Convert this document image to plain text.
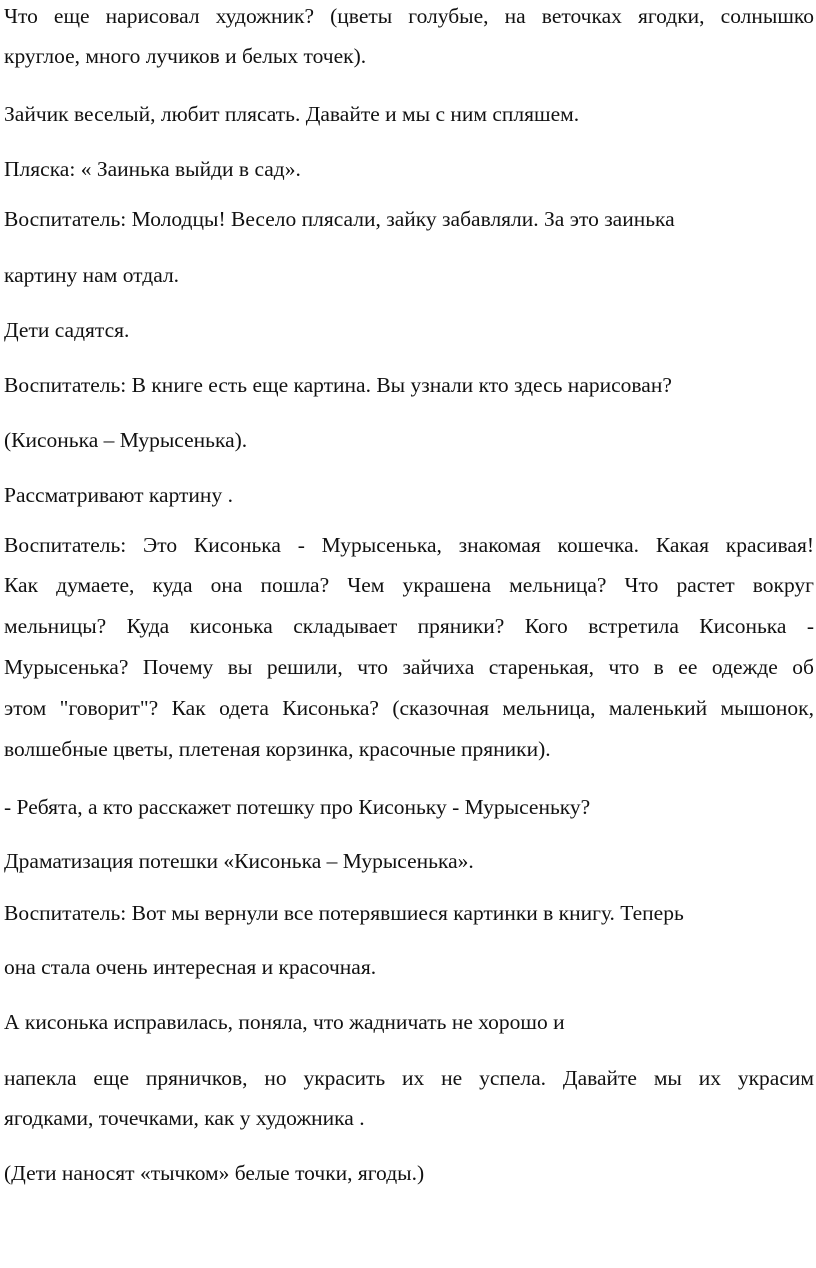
Что еще нарисовал художник? (цветы голубые, на веточках ягодки, солнышко
круглое, много лучиков и белых точек).
Зайчик веселый, любит плясать. Давайте и мы с ним спляшем.
Пляска: « Заинька выйди в сад».
Воспитатель: Молодцы! Весело плясали, зайку забавляли. За это заинька
картину нам отдал.
Дети садятся.
Воспитатель: В книге есть еще картина. Вы узнали кто здесь нарисован?
(Кисонька – Мурысенька).
Рассматривают картину .
Воспитатель: Это Кисонька - Мурысенька, знакомая кошечка. Какая красивая!
Как думаете, куда она пошла? Чем украшена мельница? Что растет вокруг
мельницы? Куда кисонька складывает пряники? Кого встретила Кисонька -
Мурысенька? Почему вы решили, что зайчиха старенькая, что в ее одежде об
этом "говорит"? Как одета Кисонька? (сказочная мельница, маленький мышонок,
волшебные цветы, плетеная корзинка, красочные пряники).
- Ребята, а кто расскажет потешку про Кисоньку - Мурысеньку?
Драматизация потешки «Кисонька – Мурысенька».
Воспитатель: Вот мы вернули все потерявшиеся картинки в книгу. Теперь
она стала очень интересная и красочная.
А кисонька исправилась, поняла, что жадничать не хорошо и
напекла еще пряничков, но украсить их не успела. Давайте мы их украсим
ягодками, точечками, как у художника .
(Дети наносят «тычком» белые точки, ягоды.)
